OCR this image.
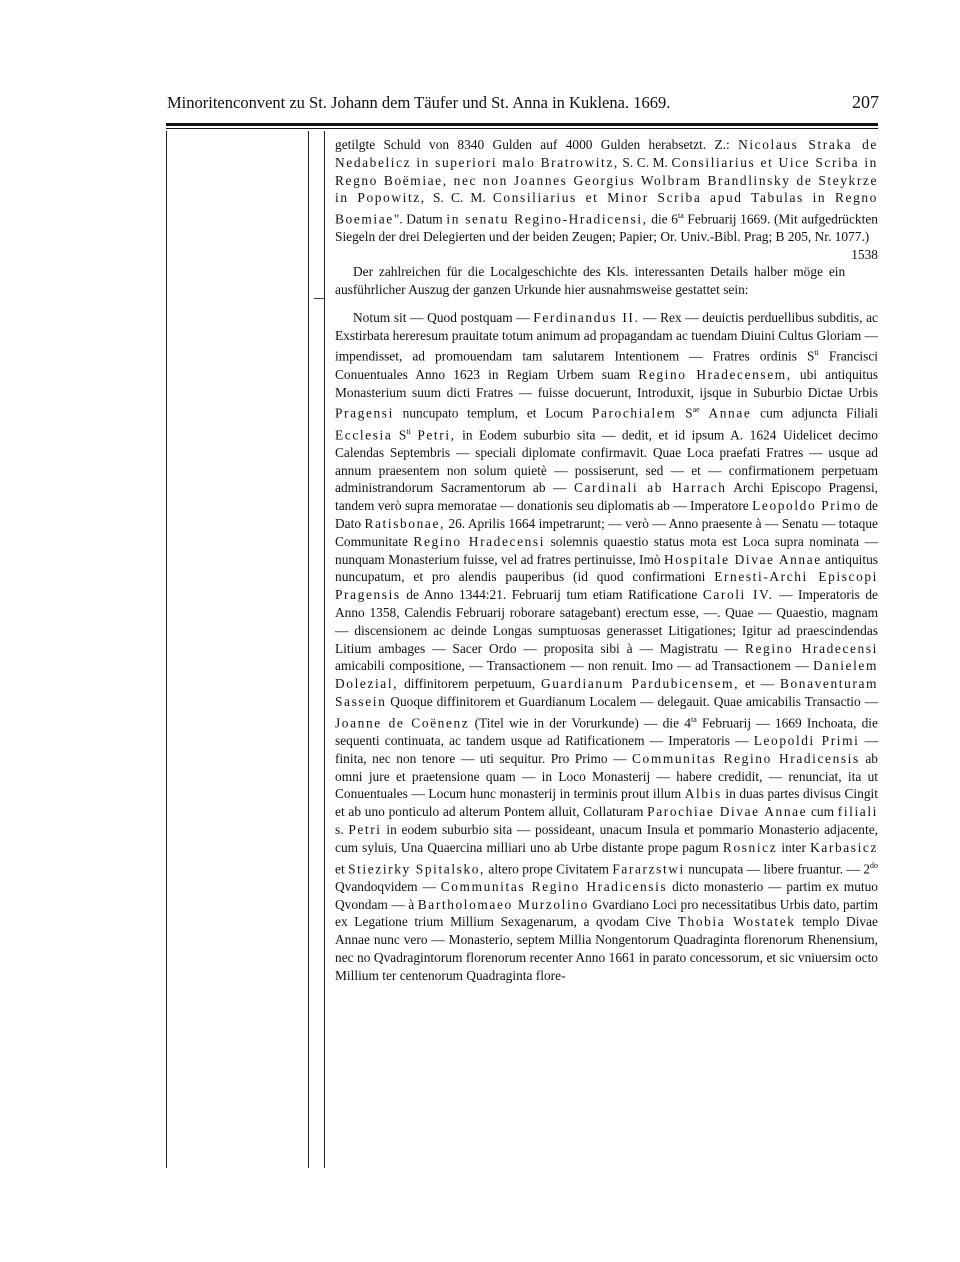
Minoritenconvent zu St. Johann dem Täufer und St. Anna in Kuklena. 1669.	207

getilgte Schuld von 8340 Gulden auf 4000 Gulden herabsetzt. Z.: Nicolaus Straka de Nedabelicz in superiori malo Bratrowitz, S. C. M. Consiliarius et Uice Scriba in Regno Boëmiae, nec non Joannes Georgius Wolbram Brandlinsky de Steykrze in Popowitz, S. C. M. Consiliarius et Minor Scriba apud Tabulas in Regno Boemiae". Datum in senatu Regino-Hradicensi, die $6^{ta}$ Februarij 1669. (Mit aufgedrückten Siegeln der drei Delegierten und der beiden Zeugen; Papier; Or. Univ.-Bibl. Prag; B 205, Nr. 1077.)
1538

Der zahlreichen für die Localgeschichte des Kls. interessanten Details halber möge ein ausführlicher Auszug der ganzen Urkunde hier ausnahmsweise gestattet sein:

Notum sit — Quod postquam — Ferdinandus II. — Rex — deuictis perduellibus subditis, ac Exstirbata hereresum prauitate totum animum ad propagandam ac tuendam Diuini Cultus Gloriam — impendisset, ad promouendam tam salutarem Intentionem — Fratres ordinis $S^{ti}$ Francisci Conuentuales Anno 1623 in Regiam Urbem suam Regino Hradecensem, ubi antiquitus Monasterium suum dicti Fratres — fuisse docuerunt, Introduxit, ijsque in Suburbio Dictae Urbis Pragensi nuncupato templum, et Locum Parochialem $S^{ae}$ Annae cum adjuncta Filiali Ecclesia $S^{ti}$ Petri, in Eodem suburbio sita — dedit, et id ipsum A. 1624 Uidelicet decimo Calendas Septembris — speciali diplomate confirmavit. Quae Loca praefati Fratres — usque ad annum praesentem non solum quietè — possiserunt, sed — et — confirmationem perpetuam administrandorum Sacramentorum ab — Cardinali ab Harrach Archi Episcopo Pragensi, tandem verò supra memoratae — donationis seu diplomatis ab — Imperatore Leopoldo Primo de Dato Ratisbonae, 26. Aprilis 1664 impetrarunt; — verò — Anno praesente à — Senatu — totaque Communitate Regino Hradecensi solemnis quaestio status mota est Loca supra nominata — nunquam Monasterium fuisse, vel ad fratres pertinuisse, Imò Hospitale Divae Annae antiquitus nuncupatum, et pro alendis pauperibus (id quod confirmationi Ernesti-Archi Episcopi Pragensis de Anno 1344:21. Februarij tum etiam Ratificatione Caroli IV. — Imperatoris de Anno 1358, Calendis Februarij roborare satagebant) erectum esse, —. Quae — Quaestio, magnam — discensionem ac deinde Longas sumptuosas generasset Litigationes; Igitur ad praescindendas Litium ambages — Sacer Ordo — proposita sibi à — Magistratu — Regino Hradecensi amicabili compositione, — Transactionem — non renuit. Imo — ad Transactionem — Danielem Dolezial, diffinitorem perpetuum, Guardianum Pardubicensem, et — Bonaventuram Sassein Quoque diffinitorem et Guardianum Localem — delegauit. Quae amicabilis Transactio — Joanne de Coënenz (Titel wie in der Vorurkunde) — die $4^{ta}$ Februarij — 1669 Inchoata, die sequenti continuata, ac tandem usque ad Ratificationem — Imperatoris — Leopoldi Primi — finita, nec non tenore — uti sequitur. Pro Primo — Communitas Regino Hradicensis ab omni jure et praetensione quam — in Loco Monasterij — habere credidit, — renunciat, ita ut Conuentuales — Locum hunc monasterij in terminis prout illum Albis in duas partes divisus Cingit et ab uno ponticulo ad alterum Pontem alluit, Collaturam Parochiae Divae Annae cum filiali s. Petri in eodem suburbio sita — possideant, unacum Insula et pommario Monasterio adjacente, cum syluis, Una Quaercina milliari uno ab Urbe distante prope pagum Rosnicz inter Karbasicz et Stiezirky Spitalsko, altero prope Civitatem Fararzstwi nuncupata — libere fruantur. — $2^{do}$ Qvandoqvidem — Communitas Regino Hradicensis dicto monasterio — partim ex mutuo Qvondam — à Bartholomaeo Murzolino Gvardiano Loci pro necessitatibus Urbis dato, partim ex Legatione trium Millium Sexagenarum, a qvodam Cive Thobia Wostatek templo Divae Annae nunc vero — Monasterio, septem Millia Nongentorum Quadraginta florenorum Rhenensium, nec no Qvadragintorum florenorum recenter Anno 1661 in parato concessorum, et sic vniuersim octo Millium ter centenorum Quadraginta flore-
